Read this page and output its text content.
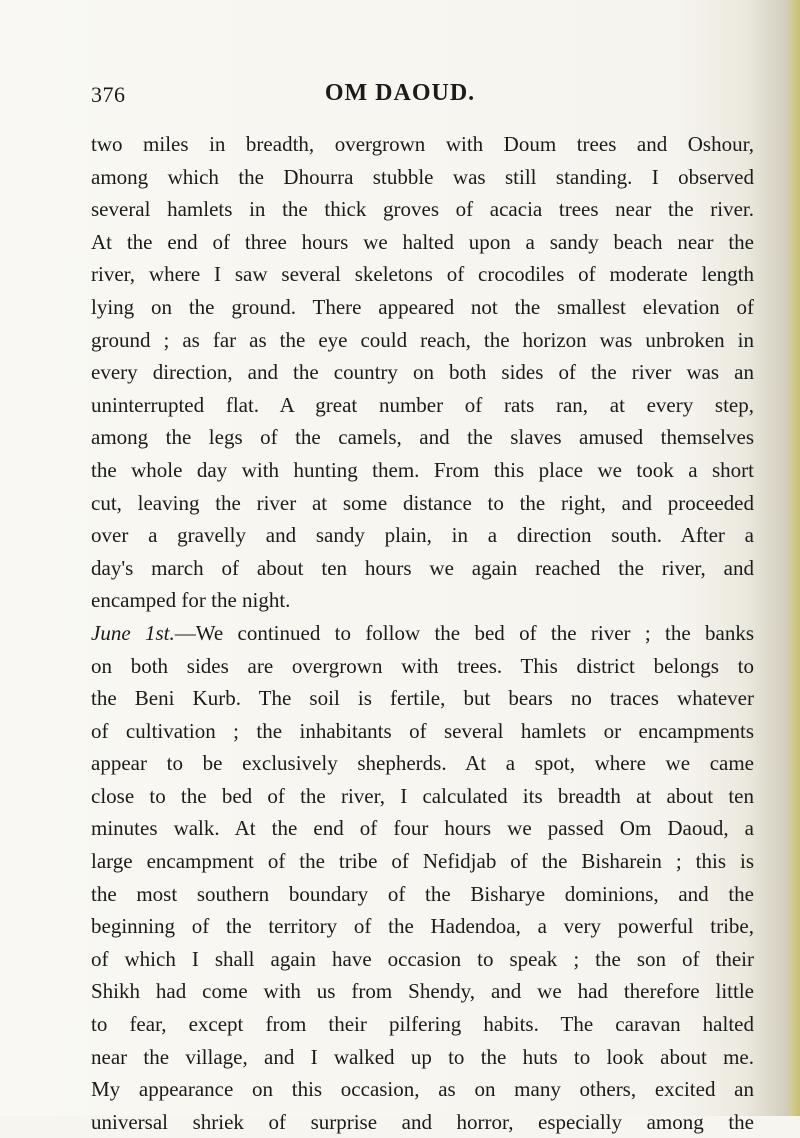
376	OM DAOUD.
two miles in breadth, overgrown with Doum trees and Oshour,
among which the Dhourra stubble was still standing. I observed
several hamlets in the thick groves of acacia trees near the river.
At the end of three hours we halted upon a sandy beach near the
river, where I saw several skeletons of crocodiles of moderate length
lying on the ground. There appeared not the smallest elevation of
ground ; as far as the eye could reach, the horizon was unbroken in
every direction, and the country on both sides of the river was an
uninterrupted flat. A great number of rats ran, at every step,
among the legs of the camels, and the slaves amused themselves
the whole day with hunting them. From this place we took a short
cut, leaving the river at some distance to the right, and proceeded
over a gravelly and sandy plain, in a direction south. After a
day's march of about ten hours we again reached the river, and
encamped for the night.
June 1st.—We continued to follow the bed of the river ; the banks
on both sides are overgrown with trees. This district belongs to
the Beni Kurb. The soil is fertile, but bears no traces whatever
of cultivation ; the inhabitants of several hamlets or encampments
appear to be exclusively shepherds. At a spot, where we came
close to the bed of the river, I calculated its breadth at about ten
minutes walk. At the end of four hours we passed Om Daoud, a
large encampment of the tribe of Nefidjab of the Bisharein ; this is
the most southern boundary of the Bisharye dominions, and the
beginning of the territory of the Hadendoa, a very powerful tribe,
of which I shall again have occasion to speak ; the son of their
Shikh had come with us from Shendy, and we had therefore little
to fear, except from their pilfering habits. The caravan halted
near the village, and I walked up to the huts to look about me.
My appearance on this occasion, as on many others, excited an
universal shriek of surprise and horror, especially among the
